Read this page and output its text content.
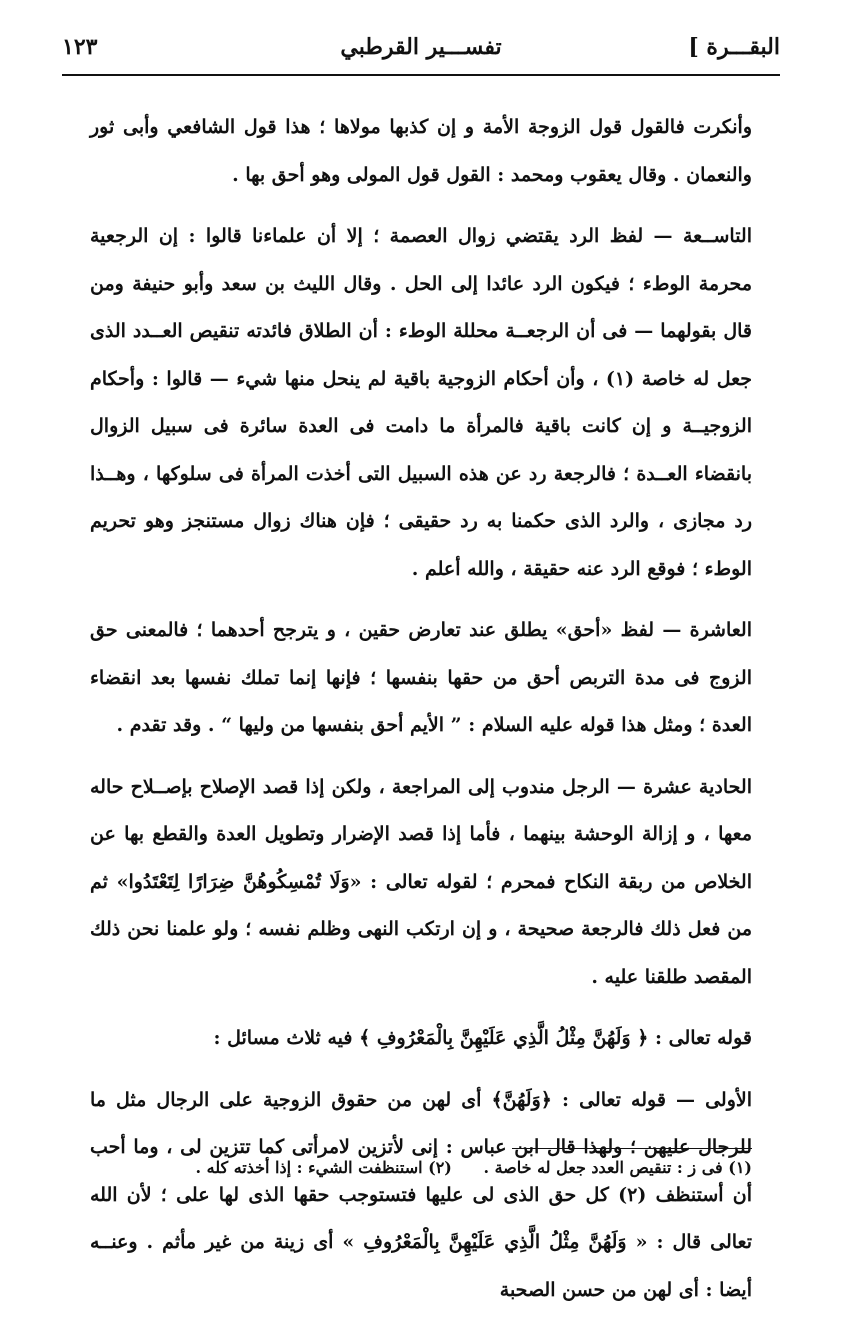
البقـــرة ]
تفســـير القرطبي
١٢٣

وأنكرت فالقول قول الزوجة الأمة و إن كذبها مولاها ؛ هذا قول الشافعي وأبى ثور والنعمان . وقال يعقوب ومحمد : القول قول المولى وهو أحق بها .

التاســعة — لفظ الرد يقتضي زوال العصمة ؛ إلا أن علماءنا قالوا : إن الرجعية محرمة الوطء ؛ فيكون الرد عائدا إلى الحل . وقال الليث بن سعد وأبو حنيفة ومن قال بقولهما — فى أن الرجعــة محللة الوطء : أن الطلاق فائدته تنقيص العــدد الذى جعل له خاصة (١) ، وأن أحكام الزوجية باقية لم ينحل منها شيء — قالوا : وأحكام الزوجيــة و إن كانت باقية فالمرأة ما دامت فى العدة سائرة فى سبيل الزوال بانقضاء العــدة ؛ فالرجعة رد عن هذه السبيل التى أخذت المرأة فى سلوكها ، وهــذا رد مجازى ، والرد الذى حكمنا به رد حقيقى ؛ فإن هناك زوال مستنجز وهو تحريم الوطء ؛ فوقع الرد عنه حقيقة ، والله أعلم .

العاشرة — لفظ «أحق» يطلق عند تعارض حقين ، و يترجح أحدهما ؛ فالمعنى حق الزوج فى مدة التربص أحق من حقها بنفسها ؛ فإنها إنما تملك نفسها بعد انقضاء العدة ؛ ومثل هذا قوله عليه السلام : ” الأيم أحق بنفسها من وليها “ . وقد تقدم .

الحادية عشرة — الرجل مندوب إلى المراجعة ، ولكن إذا قصد الإصلاح بإصــلاح حاله معها ، و إزالة الوحشة بينهما ، فأما إذا قصد الإضرار وتطويل العدة والقطع بها عن الخلاص من ربقة النكاح فمحرم ؛ لقوله تعالى : «وَلَا تُمْسِكُوهُنَّ ضِرَارًا لِتَعْتَدُوا» ثم من فعل ذلك فالرجعة صحيحة ، و إن ارتكب النهى وظلم نفسه ؛ ولو علمنا نحن ذلك المقصد طلقنا عليه .

قوله تعالى : ﴿ وَلَهُنَّ مِثْلُ الَّذِي عَلَيْهِنَّ بِالْمَعْرُوفِ ﴾ فيه ثلاث مسائل :

الأولى — قوله تعالى : ﴿وَلَهُنَّ﴾ أى لهن من حقوق الزوجية على الرجال مثل ما للرجال عليهن ؛ ولهذا قال ابن عباس : إنى لأتزين لامرأتى كما تتزين لى ، وما أحب أن أستنظف (٢) كل حق الذى لى عليها فتستوجب حقها الذى لها على ؛ لأن الله تعالى قال : « وَلَهُنَّ مِثْلُ الَّذِي عَلَيْهِنَّ بِالْمَعْرُوفِ » أى زينة من غير مأثم . وعنــه أيضا : أى لهن من حسن الصحبة

(١) فى ز : تنقيص العدد جعل له خاصة . (٢) استنظفت الشيء : إذا أخذته كله .
